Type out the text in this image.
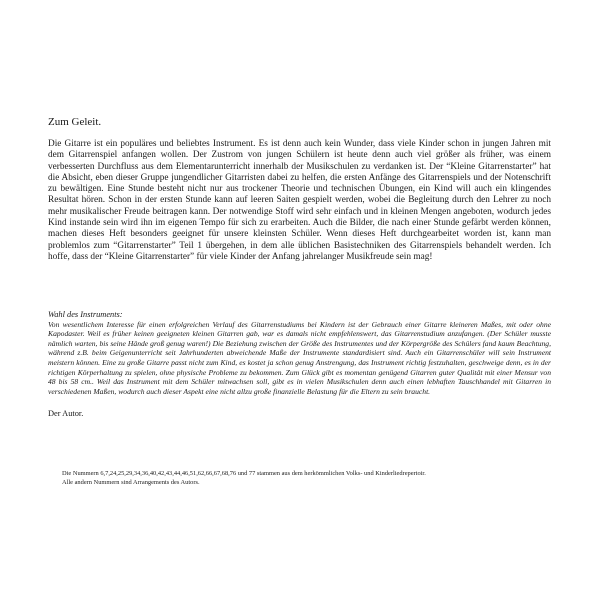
Zum Geleit.

Die Gitarre ist ein populäres und beliebtes Instrument. Es ist denn auch kein Wunder, dass viele Kinder schon in jungen Jahren mit dem Gitarrenspiel anfangen wollen. Der Zustrom von jungen Schülern ist heute denn auch viel größer als früher, was einem verbesserten Durchfluss aus dem Elementarunterricht innerhalb der Musikschulen zu verdanken ist. Der “Kleine Gitarrenstarter” hat die Absicht, eben dieser Gruppe jungendlicher Gitarristen dabei zu helfen, die ersten Anfänge des Gitarrenspiels und der Notenschrift zu bewältigen. Eine Stunde besteht nicht nur aus trockener Theorie und technischen Übungen, ein Kind will auch ein klingendes Resultat hören. Schon in der ersten Stunde kann auf leeren Saiten gespielt werden, wobei die Begleitung durch den Lehrer zu noch mehr musikalischer Freude beitragen kann. Der notwendige Stoff wird sehr einfach und in kleinen Mengen angeboten, wodurch jedes Kind instande sein wird ihn im eigenen Tempo für sich zu erarbeiten. Auch die Bilder, die nach einer Stunde gefärbt werden können, machen dieses Heft besonders geeignet für unsere kleinsten Schüler. Wenn dieses Heft durchgearbeitet worden ist, kann man problemlos zum “Gitarrenstarter” Teil 1 übergehen, in dem alle üblichen Basistechniken des Gitarrenspiels behandelt werden. Ich hoffe, dass der “Kleine Gitarrenstarter” für viele Kinder der Anfang jahrelanger Musikfreude sein mag!

Wahl des Instruments:
Von wesentlichem Interesse für einen erfolgreichen Verlauf des Gitarrenstudiums bei Kindern ist der Gebrauch einer Gitarre kleineren Maßes, mit oder ohne Kapodaster. Weil es früher keinen geeigneten kleinen Gitarren gab, war es damals nicht empfehlenswert, das Gitarrenstudium anzufangen. (Der Schüler musste nämlich warten, bis seine Hände groß genug waren!) Die Beziehung zwischen der Größe des Instrumentes und der Körpergröße des Schülers fand kaum Beachtung, während z.B. beim Geigenunterricht seit Jahrhunderten abweichende Maße der Instrumente standardisiert sind. Auch ein Gitarrenschüler will sein Instrument meistern können. Eine zu große Gitarre passt nicht zum Kind, es kostet ja schon genug Anstrengung, das Instrument richtig festzuhalten, geschweige denn, es in der richtigen Körperhaltung zu spielen, ohne physische Probleme zu bekommen. Zum Glück gibt es momentan genügend Gitarren guter Qualität mit einer Mensur von 48 bis 58 cm.. Weil das Instrument mit dem Schüler mitwachsen soll, gibt es in vielen Musikschulen denn auch einen lebhaften Tauschhandel mit Gitarren in verschiedenen Maßen, wodurch auch dieser Aspekt eine nicht allzu große finanzielle Belastung für die Eltern zu sein braucht.

Der Autor.

Die Nummern 6,7,24,25,29,34,36,40,42,43,44,46,51,62,66,67,68,76 und 77 stammen aus dem herkömmlichen Volks- und Kinderliedrepertoir.
Alle andern Nummern sind Arrangements des Autors.
